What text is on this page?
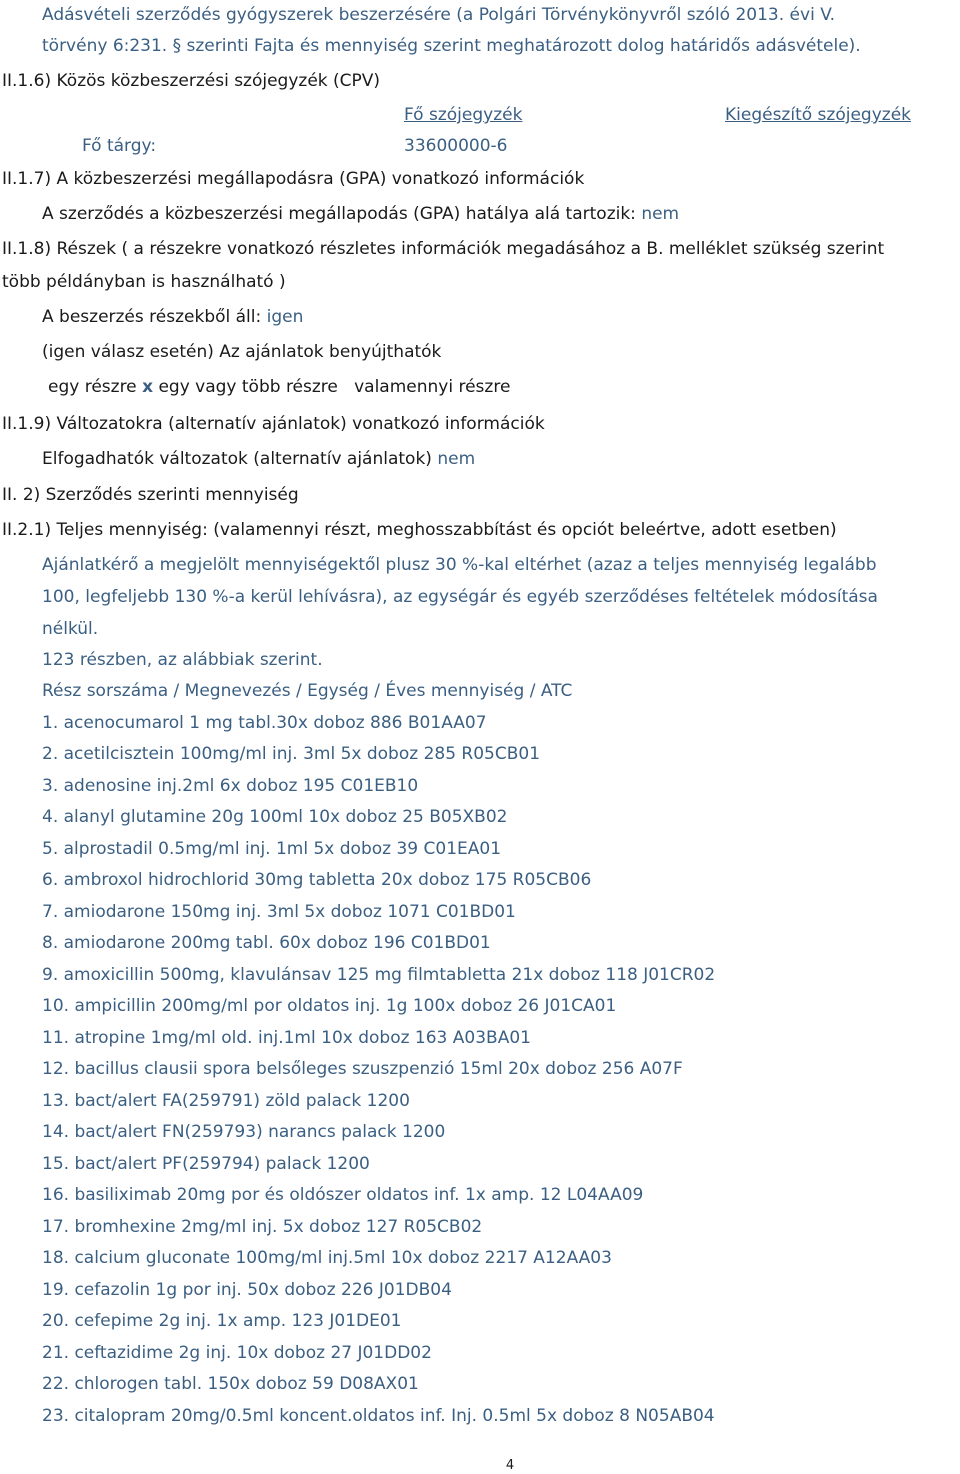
Adásvételi szerződés gyógyszerek beszerzésére (a Polgári Törvénykönyvről szóló 2013. évi V.
törvény 6:231. § szerinti Fajta és mennyiség szerint meghatározott dolog határidős adásvétele).
II.1.6) Közös közbeszerzési szójegyzék (CPV)
Fő szójegyzék	Kiegészítő szójegyzék
Fő tárgy:	33600000-6
II.1.7) A közbeszerzési megállapodásra (GPA) vonatkozó információk
A szerződés a közbeszerzési megállapodás (GPA) hatálya alá tartozik: nem
II.1.8) Részek ( a részekre vonatkozó részletes információk megadásához a B. melléklet szükség szerint
több példányban is használható )
A beszerzés részekből áll: igen
(igen válasz esetén) Az ajánlatok benyújthatók
egy részre x egy vagy több részre valamennyi részre
II.1.9) Változatokra (alternatív ajánlatok) vonatkozó információk
Elfogadhatók változatok (alternatív ajánlatok) nem
II. 2) Szerződés szerinti mennyiség
II.2.1) Teljes mennyiség: (valamennyi részt, meghosszabbítást és opciót beleértve, adott esetben)
Ajánlatkérő a megjelölt mennyiségektől plusz 30 %-kal eltérhet (azaz a teljes mennyiség legalább
100, legfeljebb 130 %-a kerül lehívásra), az egységár és egyéb szerződéses feltételek módosítása
nélkül.
123 részben, az alábbiak szerint.
Rész sorszáma / Megnevezés / Egység / Éves mennyiség / ATC
1. acenocumarol 1 mg tabl.30x doboz 886 B01AA07
2. acetilcisztein 100mg/ml inj. 3ml 5x doboz 285 R05CB01
3. adenosine inj.2ml 6x doboz 195 C01EB10
4. alanyl glutamine 20g 100ml 10x doboz 25 B05XB02
5. alprostadil 0.5mg/ml inj. 1ml 5x doboz 39 C01EA01
6. ambroxol hidrochlorid 30mg tabletta 20x doboz 175 R05CB06
7. amiodarone 150mg inj. 3ml 5x doboz 1071 C01BD01
8. amiodarone 200mg tabl. 60x doboz 196 C01BD01
9. amoxicillin 500mg, klavulánsav 125 mg filmtabletta 21x doboz 118 J01CR02
10. ampicillin 200mg/ml por oldatos inj. 1g 100x doboz 26 J01CA01
11. atropine 1mg/ml old. inj.1ml 10x doboz 163 A03BA01
12. bacillus clausii spora belsőleges szuszpenzió 15ml 20x doboz 256 A07F
13. bact/alert FA(259791) zöld palack 1200
14. bact/alert FN(259793) narancs palack 1200
15. bact/alert PF(259794) palack 1200
16. basiliximab 20mg por és oldószer oldatos inf. 1x amp. 12 L04AA09
17. bromhexine 2mg/ml inj. 5x doboz 127 R05CB02
18. calcium gluconate 100mg/ml inj.5ml 10x doboz 2217 A12AA03
19. cefazolin 1g por inj. 50x doboz 226 J01DB04
20. cefepime 2g inj. 1x amp. 123 J01DE01
21. ceftazidime 2g inj. 10x doboz 27 J01DD02
22. chlorogen tabl. 150x doboz 59 D08AX01
23. citalopram 20mg/0.5ml koncent.oldatos inf. Inj. 0.5ml 5x doboz 8 N05AB04
4
